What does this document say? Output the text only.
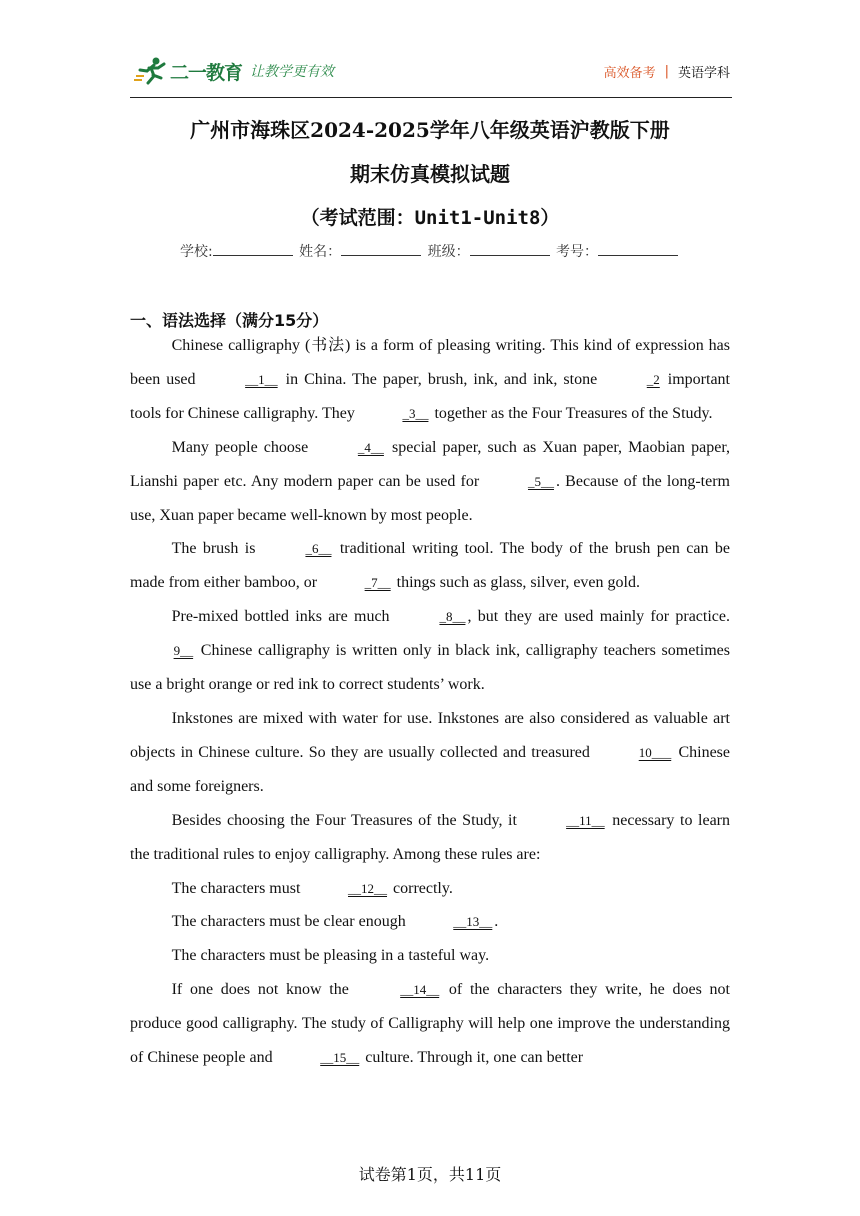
二一教育 让教学更有效	高效备考 | 英语学科
广州市海珠区2024-2025学年八年级英语沪教版下册
期末仿真模拟试题
（考试范围：Unit1-Unit8）
学校:	姓名：	班级：	考号：
一、语法选择（满分15分）

Chinese calligraphy (书法) is a form of pleasing writing. This kind of expression has been used	__1__ in China. The paper, brush, ink, and ink, stone	_2 important tools for Chinese calligraphy. They	_3__ together as the Four Treasures of the Study.

Many people choose	_4__ special paper, such as Xuan paper, Maobian paper, Lianshi paper etc. Any modern paper can be used for	_5__ . Because of the long-term use, Xuan paper became well-known by most people.

The brush is	_6__ traditional writing tool. The body of the brush pen can be made from either bamboo, or	_7__ things such as glass, silver, even gold.

Pre-mixed bottled inks are much	_8__ , but they are used mainly for practice. 9__ Chinese calligraphy is written only in black ink, calligraphy teachers sometimes use a bright orange or red ink to correct students’ work.

Inkstones are mixed with water for use. Inkstones are also considered as valuable art objects in Chinese culture. So they are usually collected and treasured	10___ Chinese and some foreigners.

Besides choosing the Four Treasures of the Study, it	__11__ necessary to learn the traditional rules to enjoy calligraphy. Among these rules are:

The characters must	__12__ correctly.

The characters must be clear enough	__13__ .

The characters must be pleasing in a tasteful way.

If one does not know the	__14__ of the characters they write, he does not produce good calligraphy. The study of Calligraphy will help one improve the understanding of Chinese people and	__15__ culture. Through it, one can better

试卷第1页，共11页
